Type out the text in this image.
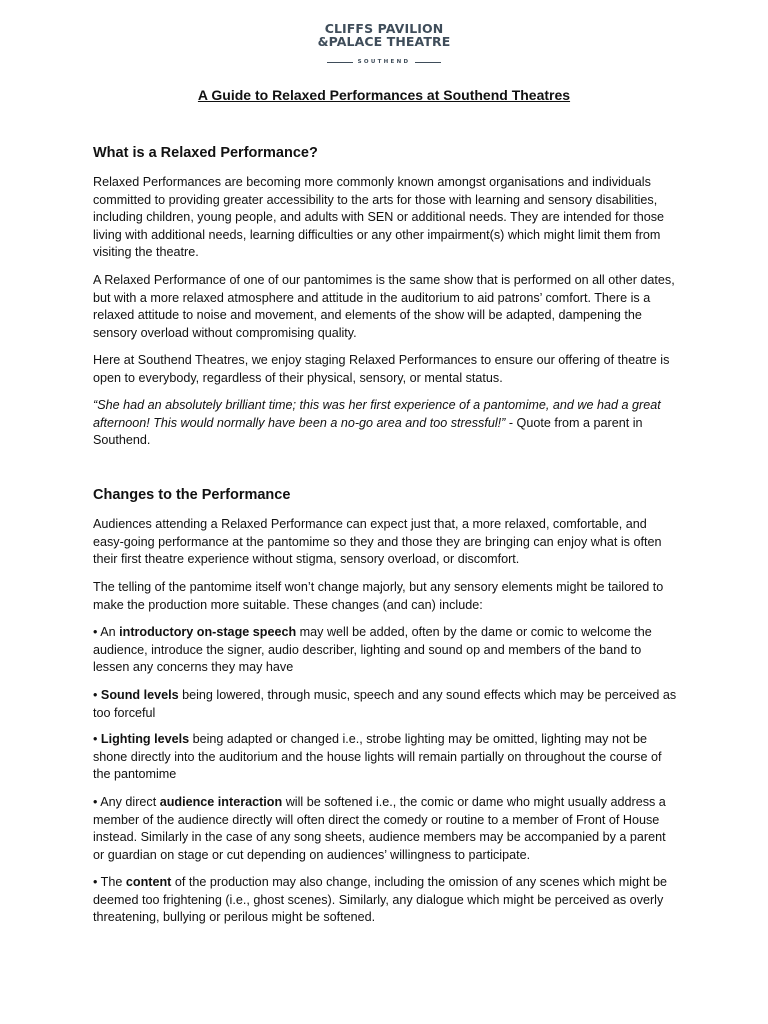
CLIFFS PAVILION
&PALACE THEATRE
SOUTHEND
A Guide to Relaxed Performances at Southend Theatres
What is a Relaxed Performance?

Relaxed Performances are becoming more commonly known amongst organisations and individuals committed to providing greater accessibility to the arts for those with learning and sensory disabilities, including children, young people, and adults with SEN or additional needs. They are intended for those living with additional needs, learning difficulties or any other impairment(s) which might limit them from visiting the theatre.

A Relaxed Performance of one of our pantomimes is the same show that is performed on all other dates, but with a more relaxed atmosphere and attitude in the auditorium to aid patrons’ comfort. There is a relaxed attitude to noise and movement, and elements of the show will be adapted, dampening the sensory overload without compromising quality.

Here at Southend Theatres, we enjoy staging Relaxed Performances to ensure our offering of theatre is open to everybody, regardless of their physical, sensory, or mental status.

“She had an absolutely brilliant time; this was her first experience of a pantomime, and we had a great afternoon! This would normally have been a no-go area and too stressful!” - Quote from a parent in Southend.

Changes to the Performance

Audiences attending a Relaxed Performance can expect just that, a more relaxed, comfortable, and easy-going performance at the pantomime so they and those they are bringing can enjoy what is often their first theatre experience without stigma, sensory overload, or discomfort.

The telling of the pantomime itself won’t change majorly, but any sensory elements might be tailored to make the production more suitable. These changes (and can) include:

• An introductory on-stage speech may well be added, often by the dame or comic to welcome the audience, introduce the signer, audio describer, lighting and sound op and members of the band to lessen any concerns they may have

• Sound levels being lowered, through music, speech and any sound effects which may be perceived as too forceful

• Lighting levels being adapted or changed i.e., strobe lighting may be omitted, lighting may not be shone directly into the auditorium and the house lights will remain partially on throughout the course of the pantomime

• Any direct audience interaction will be softened i.e., the comic or dame who might usually address a member of the audience directly will often direct the comedy or routine to a member of Front of House instead. Similarly in the case of any song sheets, audience members may be accompanied by a parent or guardian on stage or cut depending on audiences’ willingness to participate.

• The content of the production may also change, including the omission of any scenes which might be deemed too frightening (i.e., ghost scenes). Similarly, any dialogue which might be perceived as overly threatening, bullying or perilous might be softened.
